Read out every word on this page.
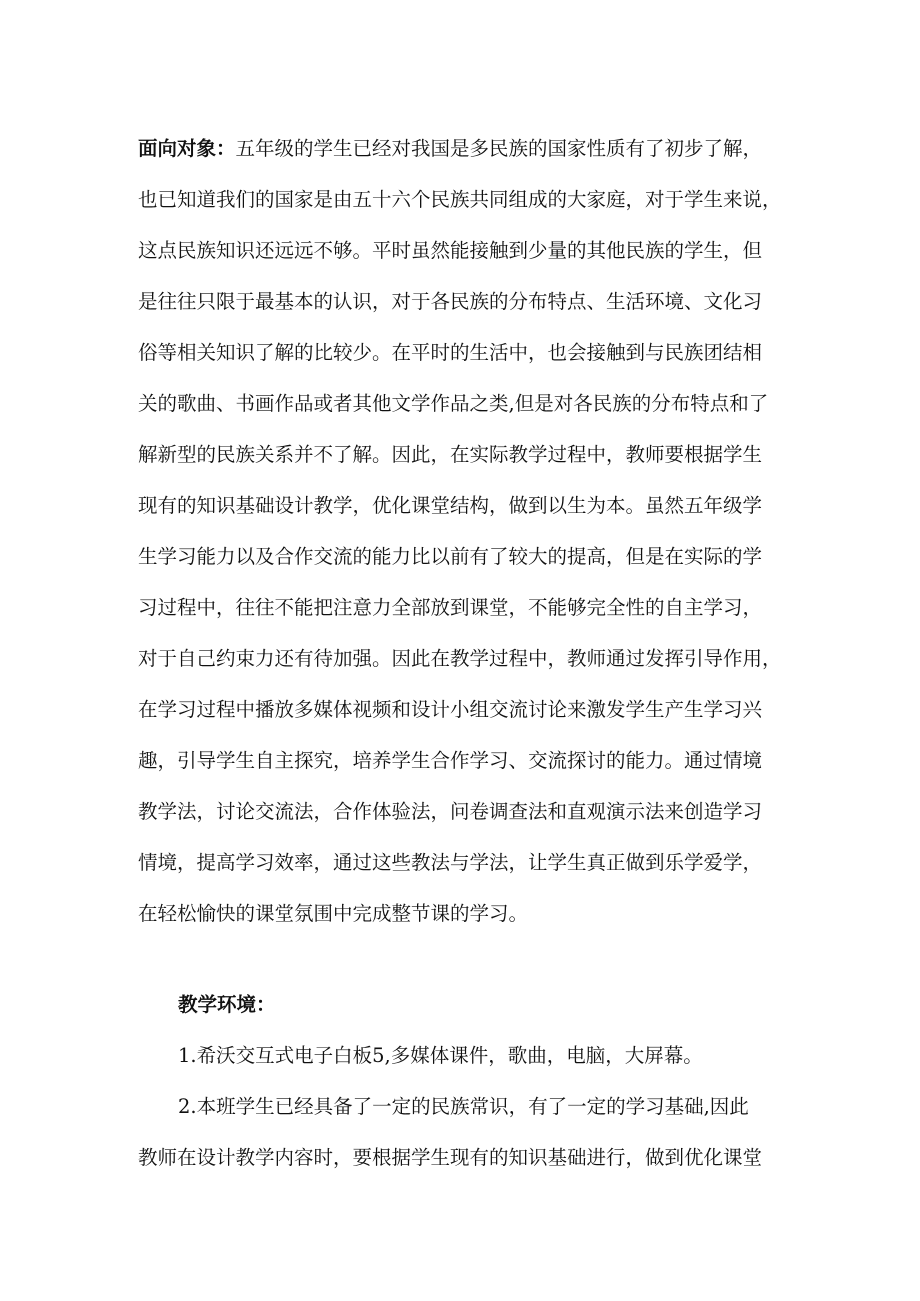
面向对象：五年级的学生已经对我国是多民族的国家性质有了初步了解，

也已知道我们的国家是由五十六个民族共同组成的大家庭，对于学生来说，

这点民族知识还远远不够。平时虽然能接触到少量的其他民族的学生，但

是往往只限于最基本的认识，对于各民族的分布特点、生活环境、文化习

俗等相关知识了解的比较少。在平时的生活中，也会接触到与民族团结相

关的歌曲、书画作品或者其他文学作品之类,但是对各民族的分布特点和了

解新型的民族关系并不了解。因此，在实际教学过程中，教师要根据学生

现有的知识基础设计教学，优化课堂结构，做到以生为本。虽然五年级学

生学习能力以及合作交流的能力比以前有了较大的提高，但是在实际的学

习过程中，往往不能把注意力全部放到课堂，不能够完全性的自主学习，

对于自己约束力还有待加强。因此在教学过程中，教师通过发挥引导作用，

在学习过程中播放多媒体视频和设计小组交流讨论来激发学生产生学习兴

趣，引导学生自主探究，培养学生合作学习、交流探讨的能力。通过情境

教学法，讨论交流法，合作体验法，问卷调查法和直观演示法来创造学习

情境，提高学习效率，通过这些教法与学法，让学生真正做到乐学爱学，

在轻松愉快的课堂氛围中完成整节课的学习。

教学环境：

1.希沃交互式电子白板5,多媒体课件，歌曲，电脑，大屏幕。

2.本班学生已经具备了一定的民族常识，有了一定的学习基础,因此

教师在设计教学内容时，要根据学生现有的知识基础进行，做到优化课堂
